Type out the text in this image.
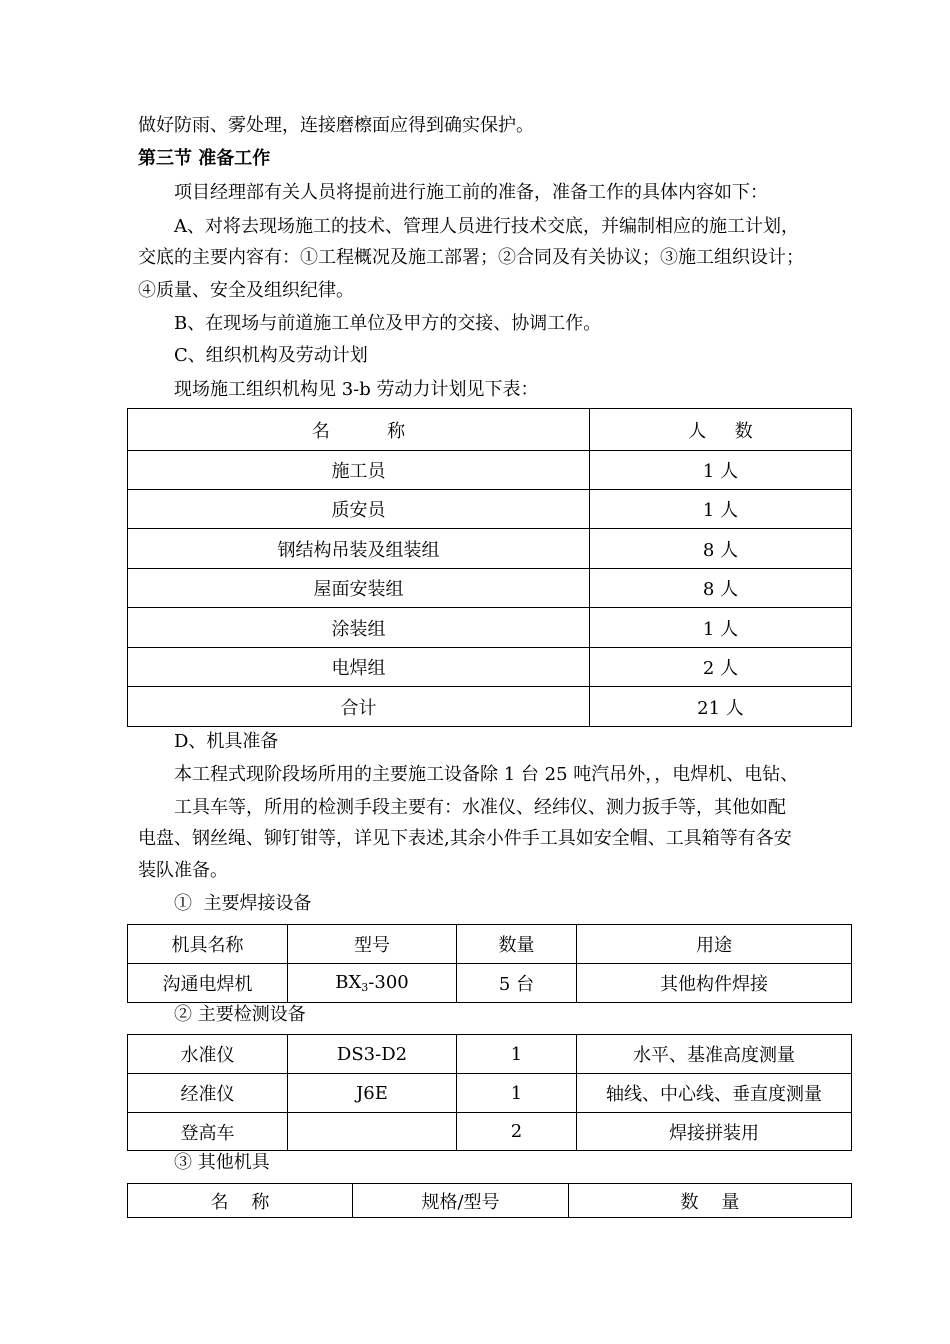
做好防雨、雾处理，连接磨檫面应得到确实保护。
第三节 准备工作
项目经理部有关人员将提前进行施工前的准备，准备工作的具体内容如下：
A、对将去现场施工的技术、管理人员进行技术交底，并编制相应的施工计划，
交底的主要内容有：①工程概况及施工部署；②合同及有关协议；③施工组织设计；
④质量、安全及组织纪律。
B、在现场与前道施工单位及甲方的交接、协调工作。
C、组织机构及劳动计划
现场施工组织机构见 3-b 劳动力计划见下表：
名          称	人     数
施工员	1 人
质安员	1 人
钢结构吊装及组装组	8 人
屋面安装组	8 人
涂装组	1 人
电焊组	2 人
合计	21 人
D、机具准备
本工程式现阶段场所用的主要施工设备除 1 台 25 吨汽吊外，，电焊机、电钻、
工具车等，所用的检测手段主要有：水准仪、经纬仪、测力扳手等，其他如配
电盘、钢丝绳、铆钉钳等，详见下表述,其余小件手工具如安全帽、工具箱等有各安
装队准备。
①  主要焊接设备
机具名称	型号	数量	用途
沟通电焊机	$BX_3-300$	5 台	其他构件焊接
② 主要检测设备
水准仪	DS3-D2	1	水平、基准高度测量
经准仪	J6E	1	轴线、中心线、垂直度测量
登高车		2	焊接拼装用
③ 其他机具
名    称	规格/型号	数    量
